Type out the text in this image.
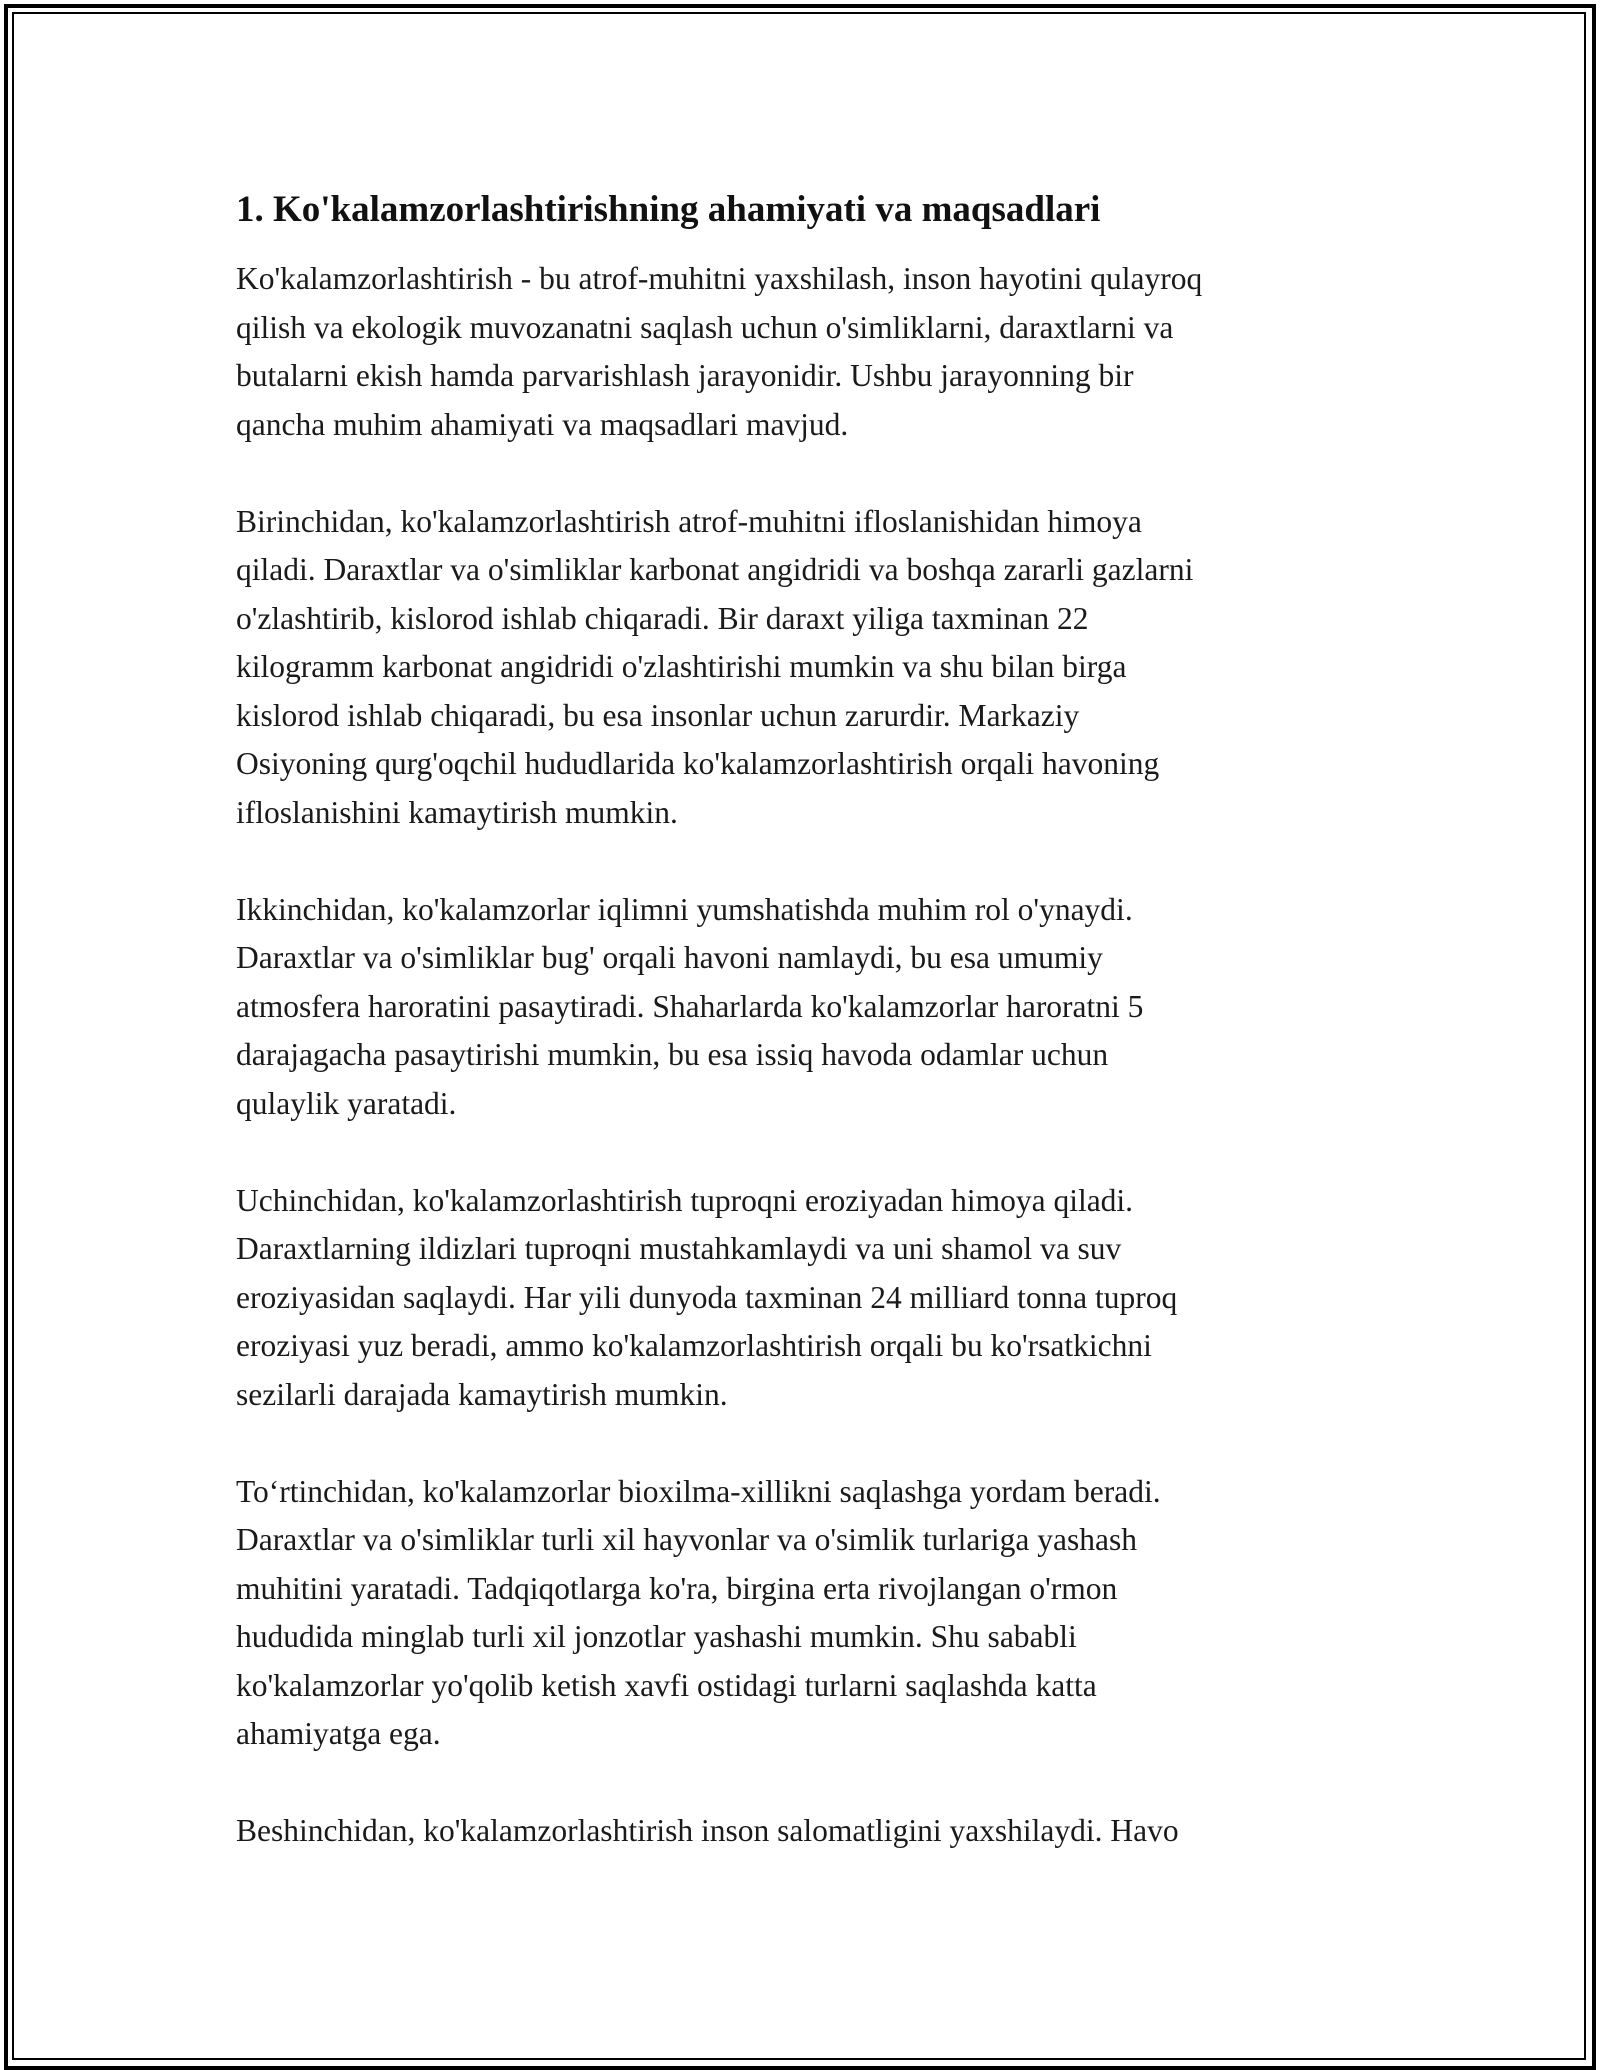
1. Ko'kalamzorlashtirishning ahamiyati va maqsadlari

Ko'kalamzorlashtirish - bu atrof-muhitni yaxshilash, inson hayotini qulayroq
qilish va ekologik muvozanatni saqlash uchun o'simliklarni, daraxtlarni va
butalarni ekish hamda parvarishlash jarayonidir. Ushbu jarayonning bir
qancha muhim ahamiyati va maqsadlari mavjud.

Birinchidan, ko'kalamzorlashtirish atrof-muhitni ifloslanishidan himoya
qiladi. Daraxtlar va o'simliklar karbonat angidridi va boshqa zararli gazlarni
o'zlashtirib, kislorod ishlab chiqaradi. Bir daraxt yiliga taxminan 22
kilogramm karbonat angidridi o'zlashtirishi mumkin va shu bilan birga
kislorod ishlab chiqaradi, bu esa insonlar uchun zarurdir. Markaziy
Osiyoning qurg'oqchil hududlarida ko'kalamzorlashtirish orqali havoning
ifloslanishini kamaytirish mumkin.

Ikkinchidan, ko'kalamzorlar iqlimni yumshatishda muhim rol o'ynaydi.
Daraxtlar va o'simliklar bug' orqali havoni namlaydi, bu esa umumiy
atmosfera haroratini pasaytiradi. Shaharlarda ko'kalamzorlar haroratni 5
darajagacha pasaytirishi mumkin, bu esa issiq havoda odamlar uchun
qulaylik yaratadi.

Uchinchidan, ko'kalamzorlashtirish tuproqni eroziyadan himoya qiladi.
Daraxtlarning ildizlari tuproqni mustahkamlaydi va uni shamol va suv
eroziyasidan saqlaydi. Har yili dunyoda taxminan 24 milliard tonna tuproq
eroziyasi yuz beradi, ammo ko'kalamzorlashtirish orqali bu ko'rsatkichni
sezilarli darajada kamaytirish mumkin.

To‘rtinchidan, ko'kalamzorlar bioxilma-xillikni saqlashga yordam beradi.
Daraxtlar va o'simliklar turli xil hayvonlar va o'simlik turlariga yashash
muhitini yaratadi. Tadqiqotlarga ko'ra, birgina erta rivojlangan o'rmon
hududida minglab turli xil jonzotlar yashashi mumkin. Shu sababli
ko'kalamzorlar yo'qolib ketish xavfi ostidagi turlarni saqlashda katta
ahamiyatga ega.

Beshinchidan, ko'kalamzorlashtirish inson salomatligini yaxshilaydi. Havo
